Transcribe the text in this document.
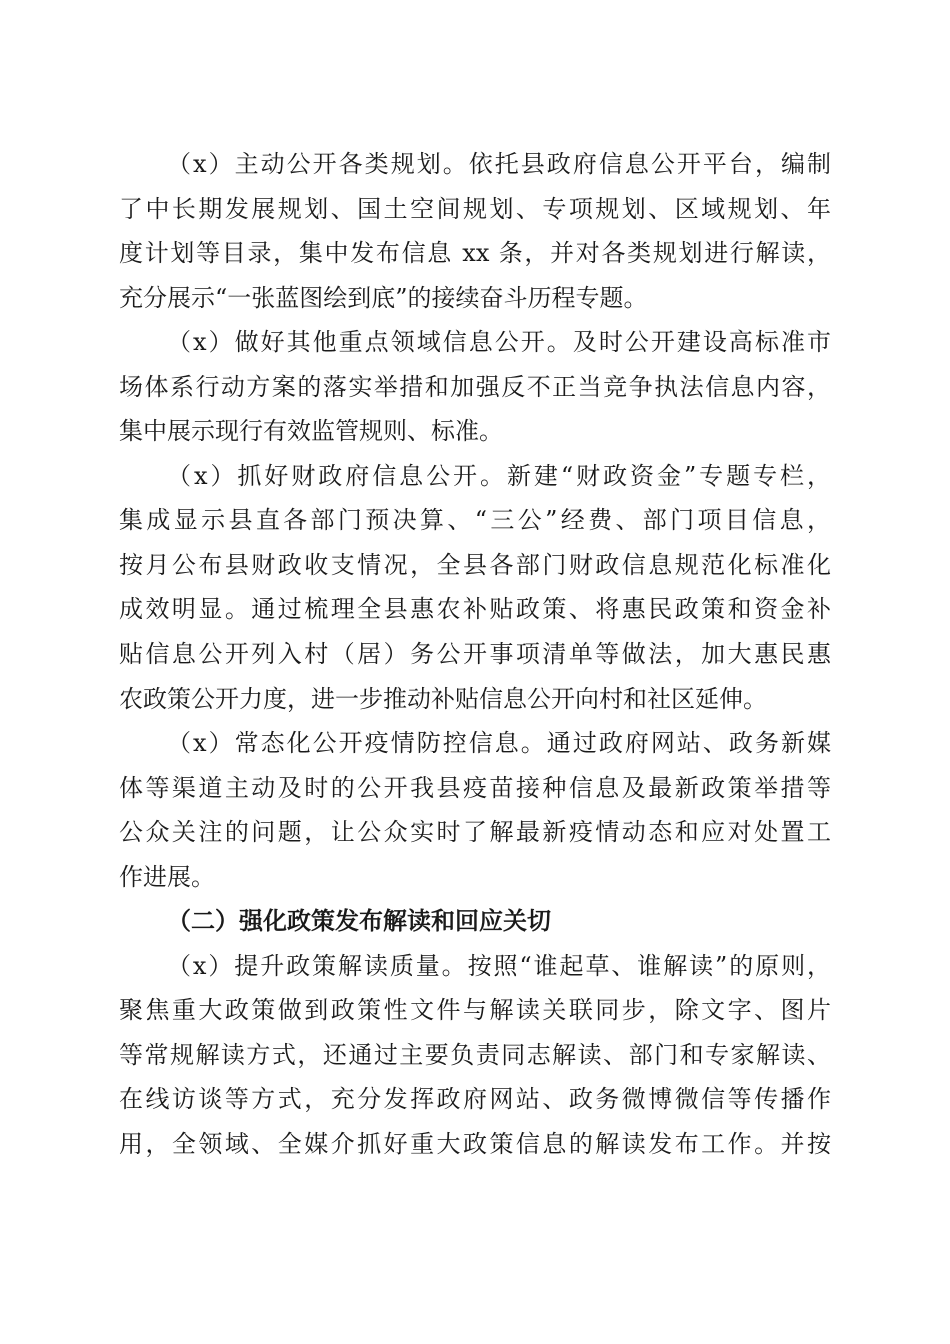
（x）主动公开各类规划。依托县政府信息公开平台，编制
了中长期发展规划、国土空间规划、专项规划、区域规划、年
度计划等目录，集中发布信息 xx 条，并对各类规划进行解读，
充分展示“一张蓝图绘到底”的接续奋斗历程专题。
（x）做好其他重点领域信息公开。及时公开建设高标准市
场体系行动方案的落实举措和加强反不正当竞争执法信息内容，
集中展示现行有效监管规则、标准。
（x）抓好财政府信息公开。新建“财政资金”专题专栏，
集成显示县直各部门预决算、“三公”经费、部门项目信息，
按月公布县财政收支情况，全县各部门财政信息规范化标准化
成效明显。通过梳理全县惠农补贴政策、将惠民政策和资金补
贴信息公开列入村（居）务公开事项清单等做法，加大惠民惠
农政策公开力度，进一步推动补贴信息公开向村和社区延伸。
（x）常态化公开疫情防控信息。通过政府网站、政务新媒
体等渠道主动及时的公开我县疫苗接种信息及最新政策举措等
公众关注的问题，让公众实时了解最新疫情动态和应对处置工
作进展。
（二）强化政策发布解读和回应关切
（x）提升政策解读质量。按照“谁起草、谁解读”的原则，
聚焦重大政策做到政策性文件与解读关联同步，除文字、图片
等常规解读方式，还通过主要负责同志解读、部门和专家解读、
在线访谈等方式，充分发挥政府网站、政务微博微信等传播作
用，全领域、全媒介抓好重大政策信息的解读发布工作。并按
